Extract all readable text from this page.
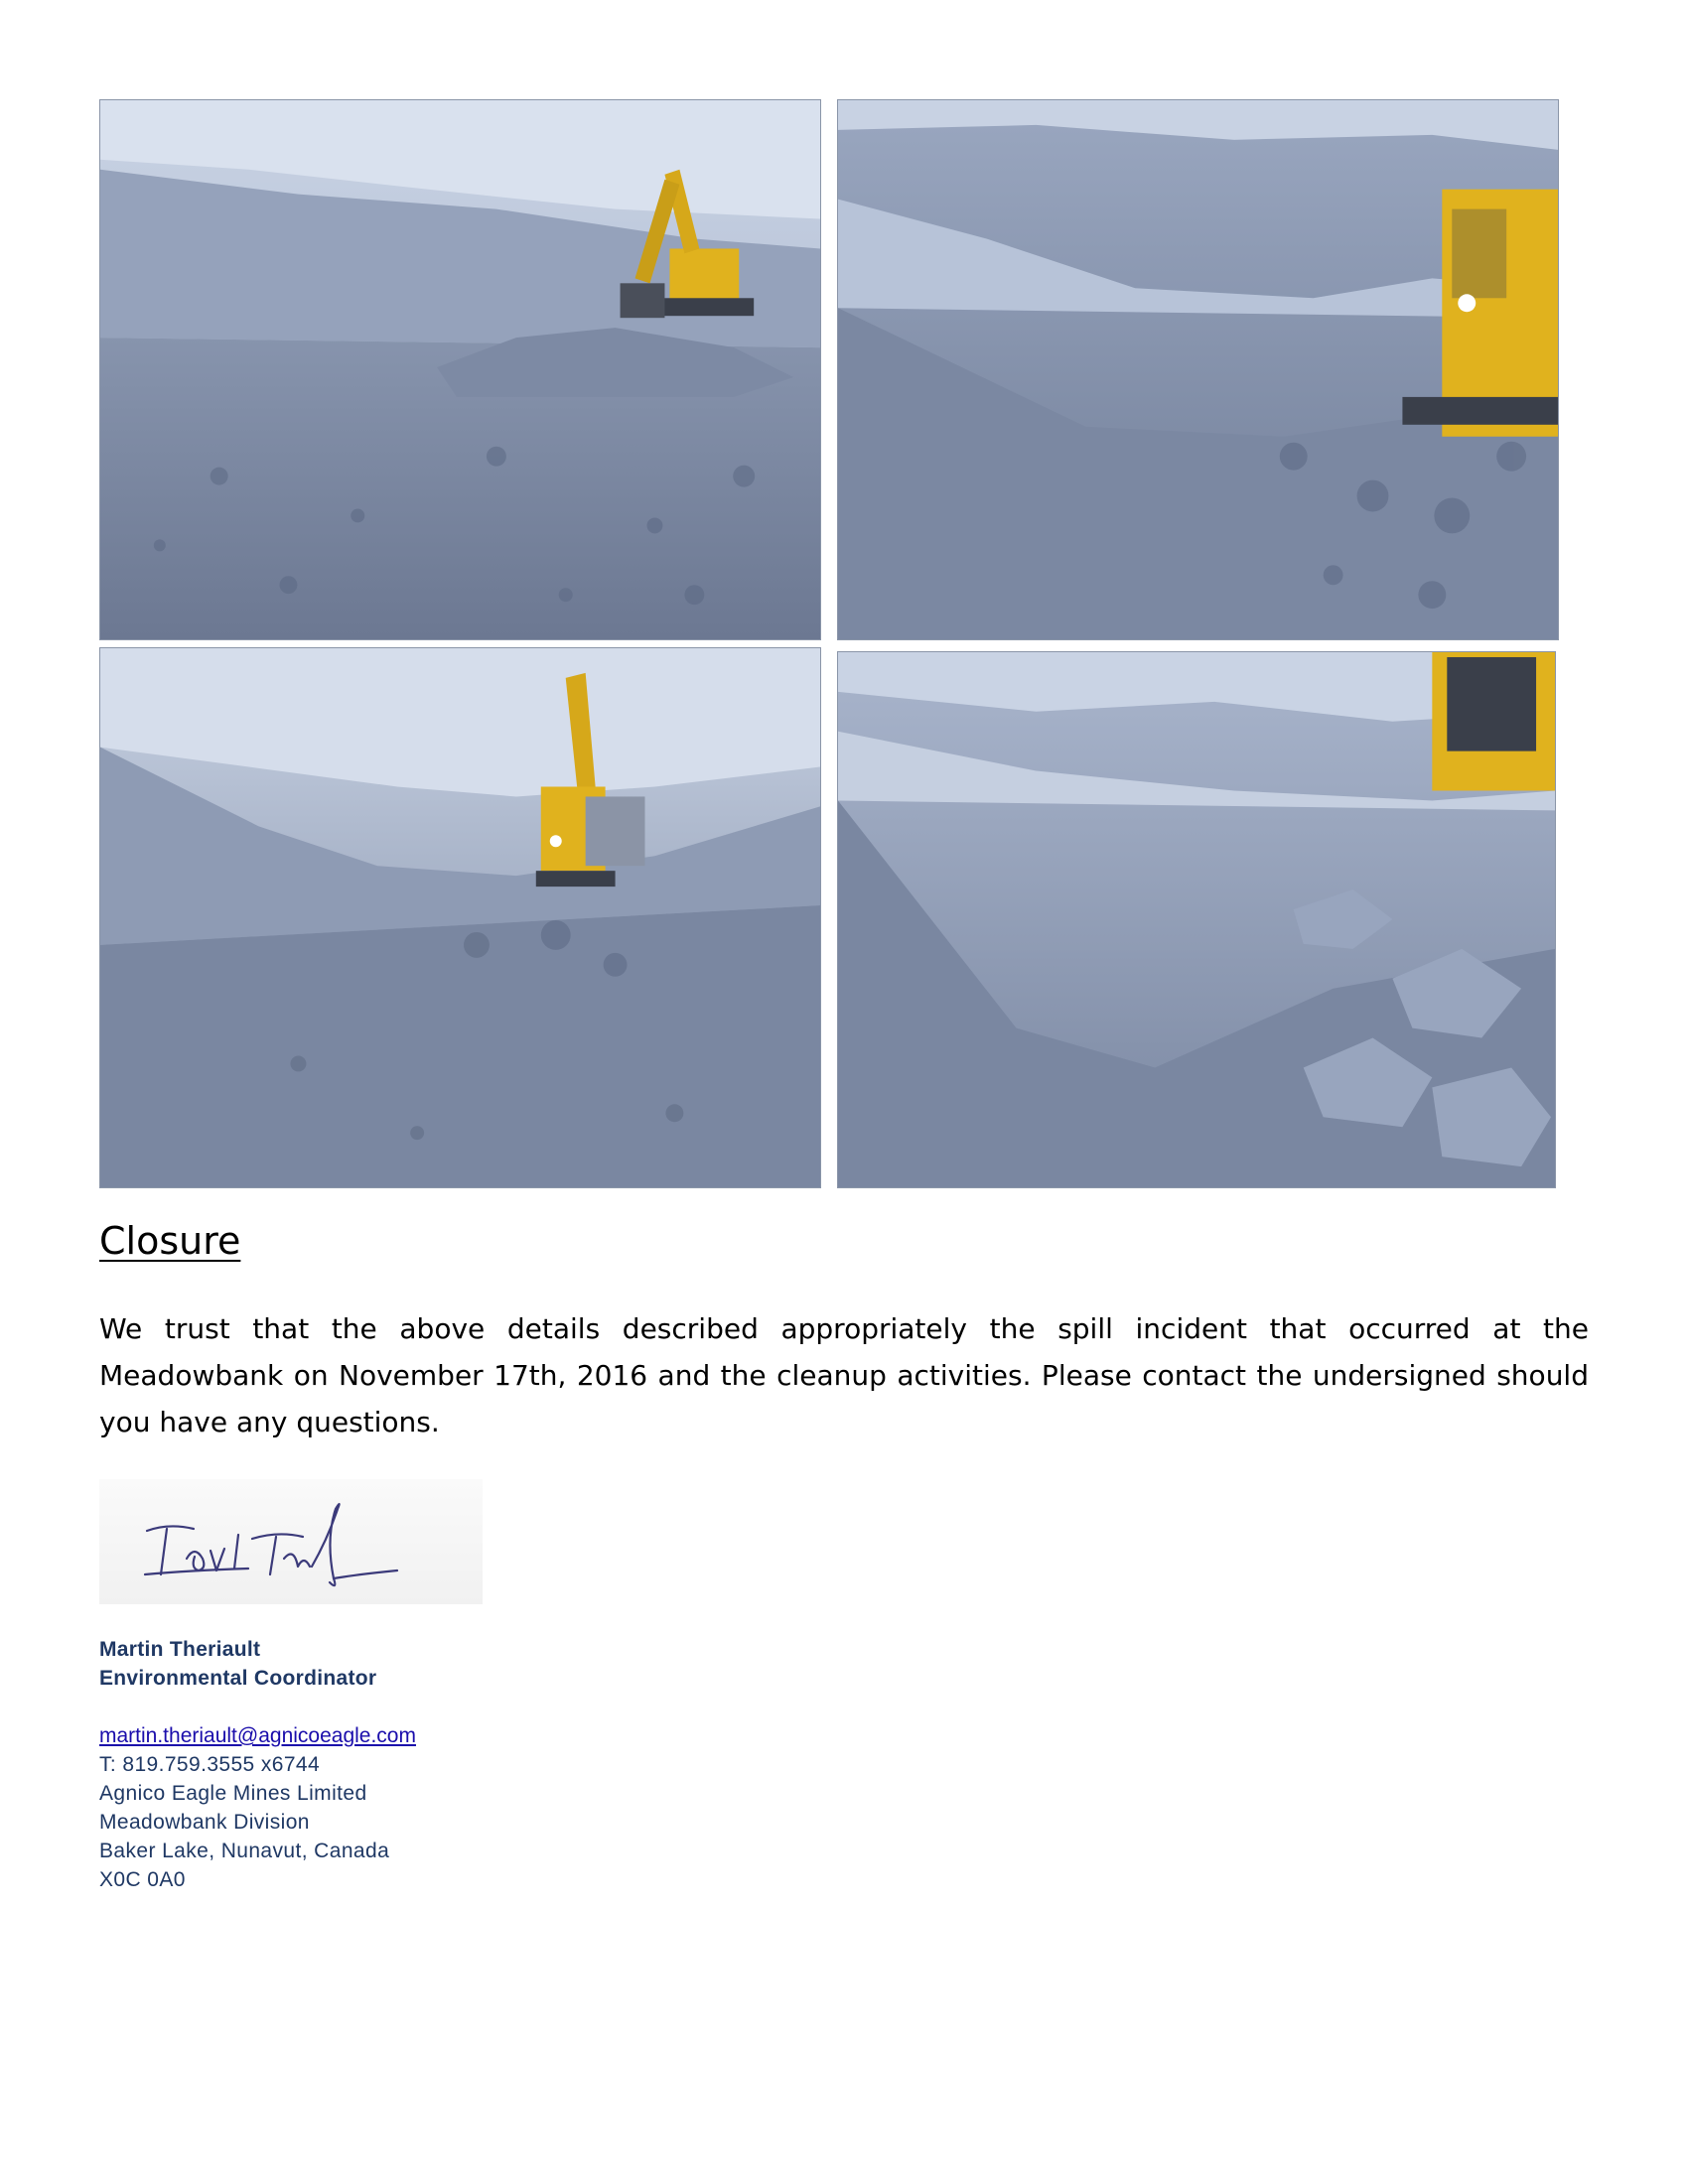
Closure

We trust that the above details described appropriately the spill incident that occurred at the Meadowbank on November 17th, 2016 and the cleanup activities. Please contact the undersigned should you have any questions.

Martin Theriault
Environmental Coordinator
martin.theriault@agnicoeagle.com
T: 819.759.3555 x6744
Agnico Eagle Mines Limited
Meadowbank Division
Baker Lake, Nunavut, Canada
X0C 0A0
